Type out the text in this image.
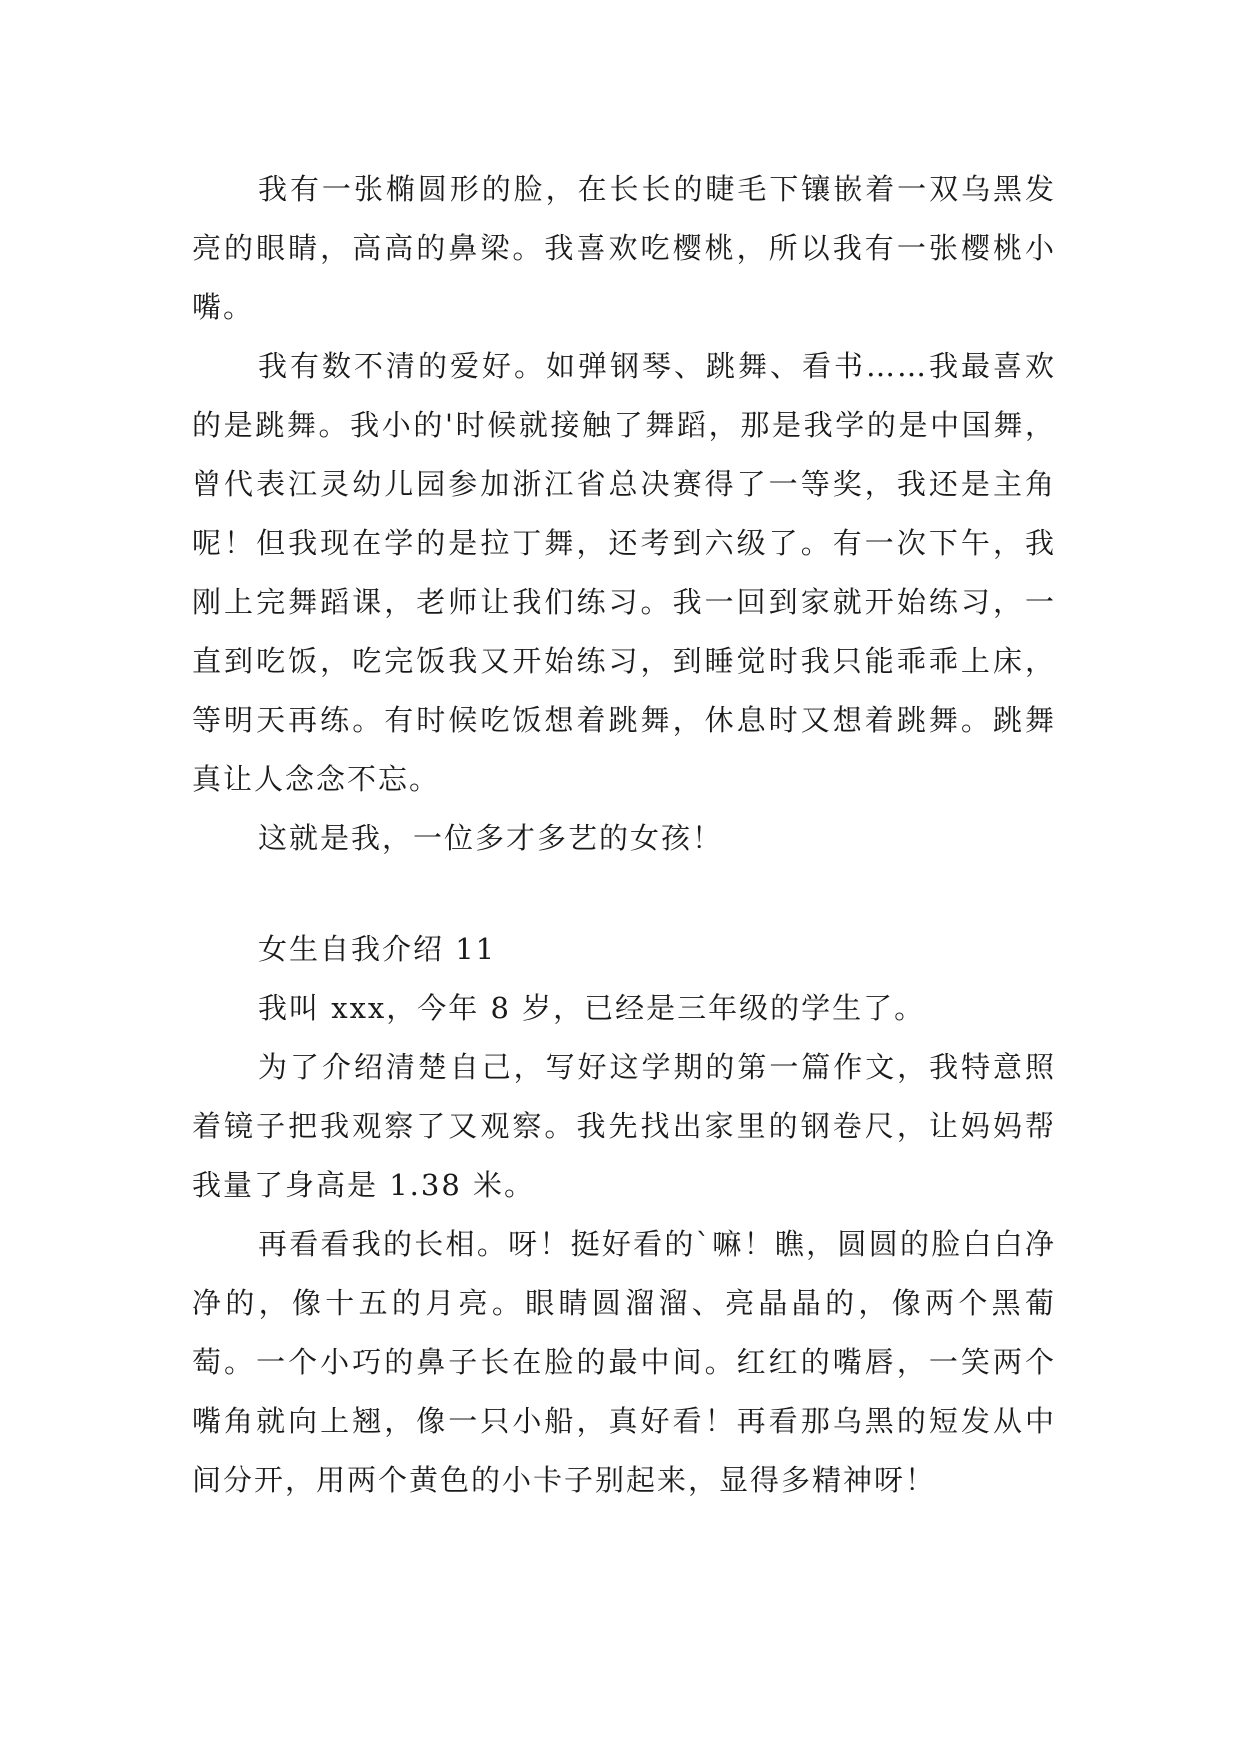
我有一张椭圆形的脸，在长长的睫毛下镶嵌着一双乌黑发亮的眼睛，高高的鼻梁。我喜欢吃樱桃，所以我有一张樱桃小嘴。

我有数不清的爱好。如弹钢琴、跳舞、看书……我最喜欢的是跳舞。我小的'时候就接触了舞蹈，那是我学的是中国舞，曾代表江灵幼儿园参加浙江省总决赛得了一等奖，我还是主角呢！但我现在学的是拉丁舞，还考到六级了。有一次下午，我刚上完舞蹈课，老师让我们练习。我一回到家就开始练习，一直到吃饭，吃完饭我又开始练习，到睡觉时我只能乖乖上床，等明天再练。有时候吃饭想着跳舞，休息时又想着跳舞。跳舞真让人念念不忘。

这就是我，一位多才多艺的女孩！

女生自我介绍 11

我叫 xxx，今年 8 岁，已经是三年级的学生了。

为了介绍清楚自己，写好这学期的第一篇作文，我特意照着镜子把我观察了又观察。我先找出家里的钢卷尺，让妈妈帮我量了身高是 1.38 米。

再看看我的长相。呀！挺好看的`嘛！瞧，圆圆的脸白白净净的，像十五的月亮。眼睛圆溜溜、亮晶晶的，像两个黑葡萄。一个小巧的鼻子长在脸的最中间。红红的嘴唇，一笑两个嘴角就向上翘，像一只小船，真好看！再看那乌黑的短发从中间分开，用两个黄色的小卡子别起来，显得多精神呀！
